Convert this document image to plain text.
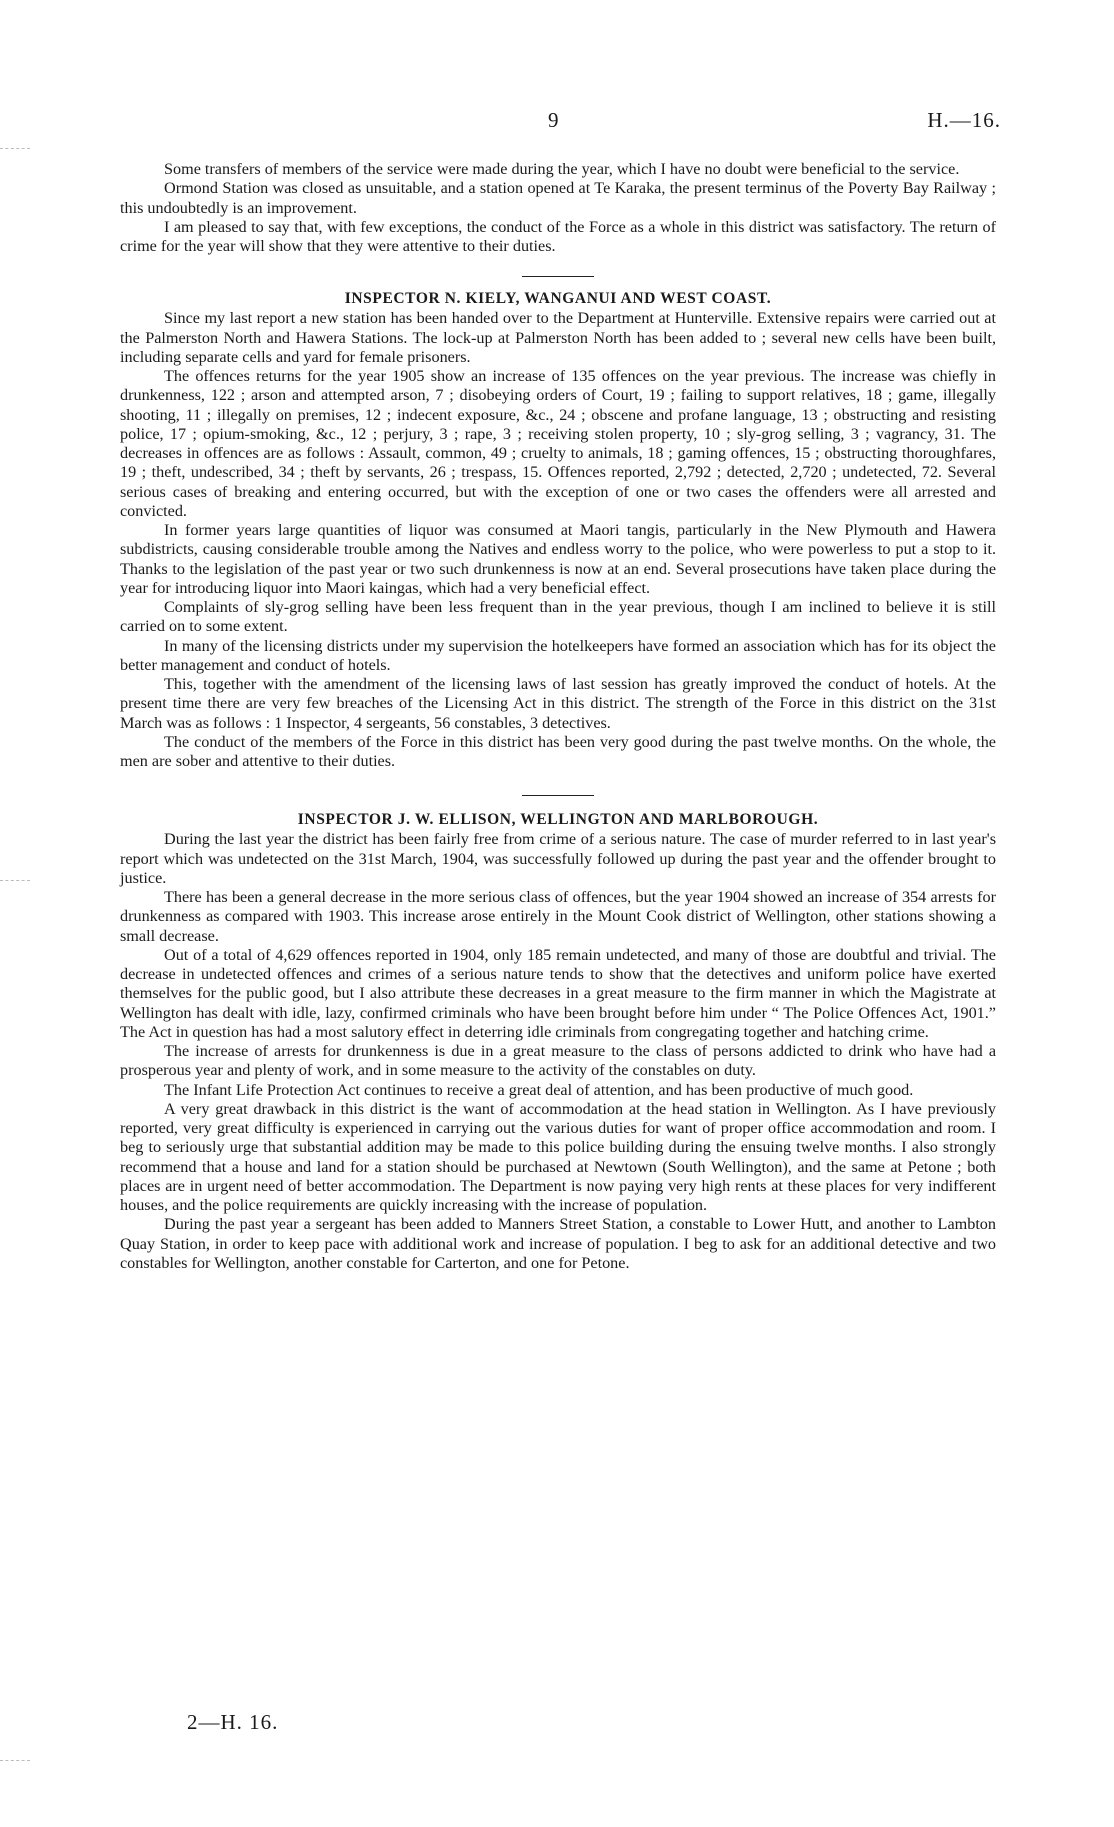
9	H.—16.

Some transfers of members of the service were made during the year, which I have no doubt were beneficial to the service.

Ormond Station was closed as unsuitable, and a station opened at Te Karaka, the present terminus of the Poverty Bay Railway ; this undoubtedly is an improvement.

I am pleased to say that, with few exceptions, the conduct of the Force as a whole in this district was satisfactory. The return of crime for the year will show that they were attentive to their duties.

INSPECTOR N. KIELY, WANGANUI AND WEST COAST.

Since my last report a new station has been handed over to the Department at Hunterville. Extensive repairs were carried out at the Palmerston North and Hawera Stations. The lock-up at Palmerston North has been added to ; several new cells have been built, including separate cells and yard for female prisoners.

The offences returns for the year 1905 show an increase of 135 offences on the year previous. The increase was chiefly in drunkenness, 122 ; arson and attempted arson, 7 ; disobeying orders of Court, 19 ; failing to support relatives, 18 ; game, illegally shooting, 11 ; illegally on premises, 12 ; indecent exposure, &c., 24 ; obscene and profane language, 13 ; obstructing and resisting police, 17 ; opium-smoking, &c., 12 ; perjury, 3 ; rape, 3 ; receiving stolen property, 10 ; sly-grog selling, 3 ; vagrancy, 31. The decreases in offences are as follows : Assault, common, 49 ; cruelty to animals, 18 ; gaming offences, 15 ; obstructing thoroughfares, 19 ; theft, undescribed, 34 ; theft by servants, 26 ; trespass, 15. Offences reported, 2,792 ; detected, 2,720 ; undetected, 72. Several serious cases of breaking and entering occurred, but with the exception of one or two cases the offenders were all arrested and convicted.

In former years large quantities of liquor was consumed at Maori tangis, particularly in the New Plymouth and Hawera subdistricts, causing considerable trouble among the Natives and endless worry to the police, who were powerless to put a stop to it. Thanks to the legislation of the past year or two such drunkenness is now at an end. Several prosecutions have taken place during the year for introducing liquor into Maori kaingas, which had a very beneficial effect.

Complaints of sly-grog selling have been less frequent than in the year previous, though I am inclined to believe it is still carried on to some extent.

In many of the licensing districts under my supervision the hotelkeepers have formed an association which has for its object the better management and conduct of hotels.

This, together with the amendment of the licensing laws of last session has greatly improved the conduct of hotels. At the present time there are very few breaches of the Licensing Act in this district. The strength of the Force in this district on the 31st March was as follows : 1 Inspector, 4 sergeants, 56 constables, 3 detectives.

The conduct of the members of the Force in this district has been very good during the past twelve months. On the whole, the men are sober and attentive to their duties.

INSPECTOR J. W. ELLISON, WELLINGTON AND MARLBOROUGH.

During the last year the district has been fairly free from crime of a serious nature. The case of murder referred to in last year's report which was undetected on the 31st March, 1904, was successfully followed up during the past year and the offender brought to justice.

There has been a general decrease in the more serious class of offences, but the year 1904 showed an increase of 354 arrests for drunkenness as compared with 1903. This increase arose entirely in the Mount Cook district of Wellington, other stations showing a small decrease.

Out of a total of 4,629 offences reported in 1904, only 185 remain undetected, and many of those are doubtful and trivial. The decrease in undetected offences and crimes of a serious nature tends to show that the detectives and uniform police have exerted themselves for the public good, but I also attribute these decreases in a great measure to the firm manner in which the Magistrate at Wellington has dealt with idle, lazy, confirmed criminals who have been brought before him under “ The Police Offences Act, 1901.” The Act in question has had a most salutory effect in deterring idle criminals from congregating together and hatching crime.

The increase of arrests for drunkenness is due in a great measure to the class of persons addicted to drink who have had a prosperous year and plenty of work, and in some measure to the activity of the constables on duty.

The Infant Life Protection Act continues to receive a great deal of attention, and has been productive of much good.

A very great drawback in this district is the want of accommodation at the head station in Wellington. As I have previously reported, very great difficulty is experienced in carrying out the various duties for want of proper office accommodation and room. I beg to seriously urge that substantial addition may be made to this police building during the ensuing twelve months. I also strongly recommend that a house and land for a station should be purchased at Newtown (South Wellington), and the same at Petone ; both places are in urgent need of better accommodation. The Department is now paying very high rents at these places for very indifferent houses, and the police requirements are quickly increasing with the increase of population.

During the past year a sergeant has been added to Manners Street Station, a constable to Lower Hutt, and another to Lambton Quay Station, in order to keep pace with additional work and increase of population. I beg to ask for an additional detective and two constables for Wellington, another constable for Carterton, and one for Petone.

2—H. 16.
